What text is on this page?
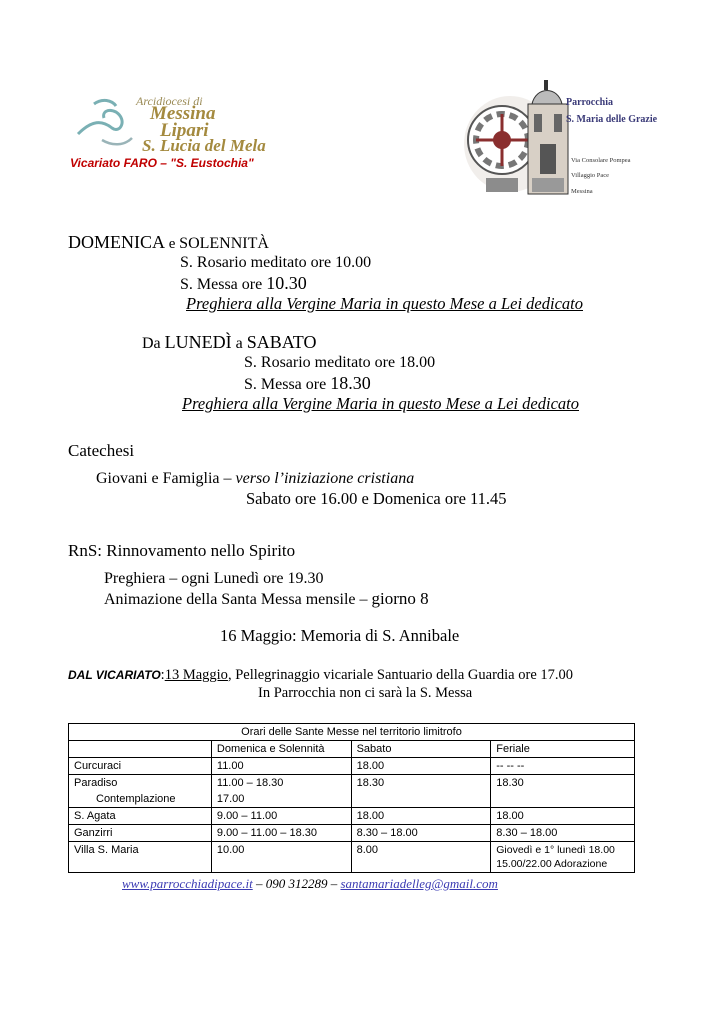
Arcidiocesi di
Messina
Lipari
S. Lucia del Mela
Vicariato FARO – "S. Eustochia"
Parrocchia
S. Maria delle Grazie
Via Consolare Pompea
Villaggio Pace
Messina
DOMENICA e SOLENNITÀ
S. Rosario meditato ore 10.00
S. Messa ore 10.30
Preghiera alla Vergine Maria in questo Mese a Lei dedicato
Da LUNEDÌ a SABATO
S. Rosario meditato ore 18.00
S. Messa ore 18.30
Preghiera alla Vergine Maria in questo Mese a Lei dedicato
Catechesi
Giovani e Famiglia – verso l’iniziazione cristiana
Sabato ore 16.00 e Domenica ore 11.45
RnS: Rinnovamento nello Spirito
Preghiera – ogni Lunedì ore 19.30
Animazione della Santa Messa mensile – giorno 8
16 Maggio: Memoria di S. Annibale
DAL VICARIATO:13 Maggio, Pellegrinaggio vicariale Santuario della Guardia ore 17.00
In Parrocchia non ci sarà la S. Messa
Orari delle Sante Messe nel territorio limitrofo			
	Domenica e Solennità	Sabato	Feriale
Curcuraci	11.00	18.00	-- -- --
Paradiso	11.00 – 18.30	18.30	18.30
Contemplazione	17.00		
S. Agata	9.00 – 11.00	18.00	18.00
Ganzirri	9.00 – 11.00 – 18.30	8.30 – 18.00	8.30 – 18.00
Villa S. Maria	10.00	8.00	Giovedì e 1° lunedì 18.00
15.00/22.00 Adorazione
www.parrocchiadipace.it – 090 312289 – santamariadelleg@gmail.com
